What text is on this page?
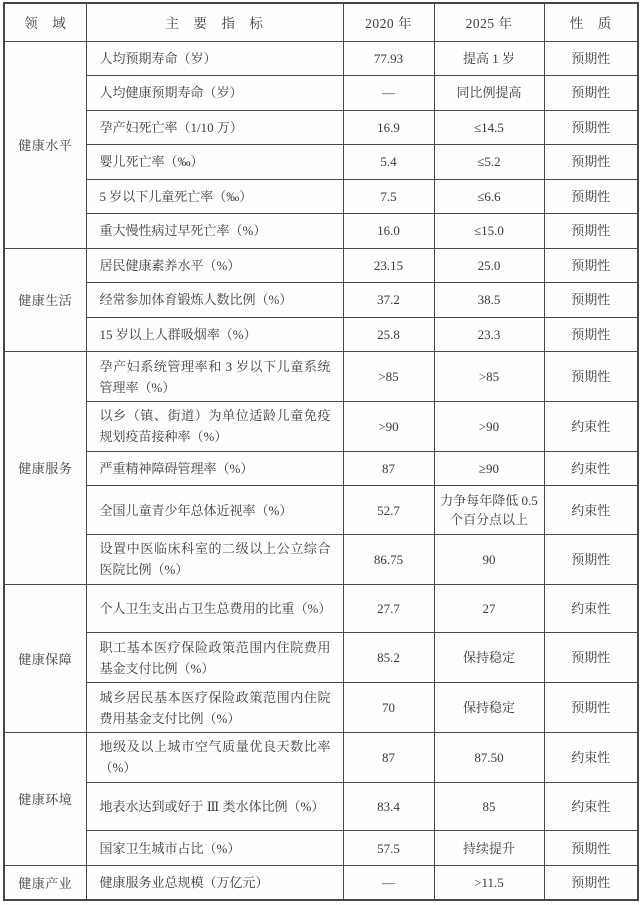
领　域	主　要　指　标	2020 年	2025 年	性　质
健康水平	人均预期寿命（岁）	77.93	提高 1 岁	预期性
	人均健康预期寿命（岁）	—	同比例提高	预期性
	孕产妇死亡率（1/10 万）	16.9	≤14.5	预期性
	婴儿死亡率（‰）	5.4	≤5.2	预期性
	5 岁以下儿童死亡率（‰）	7.5	≤6.6	预期性
	重大慢性病过早死亡率（%）	16.0	≤15.0	预期性
健康生活	居民健康素养水平（%）	23.15	25.0	预期性
	经常参加体育锻炼人数比例（%）	37.2	38.5	预期性
	15 岁以上人群吸烟率（%）	25.8	23.3	预期性
健康服务	孕产妇系统管理率和 3 岁以下儿童系统管理率（%）	>85	>85	预期性
	以乡（镇、街道）为单位适龄儿童免疫规划疫苗接种率（%）	>90	>90	约束性
	严重精神障碍管理率（%）	87	≥90	约束性
	全国儿童青少年总体近视率（%）	52.7	力争每年降低 0.5 个百分点以上	约束性
	设置中医临床科室的二级以上公立综合医院比例（%）	86.75	90	预期性
健康保障	个人卫生支出占卫生总费用的比重（%）	27.7	27	约束性
	职工基本医疗保险政策范围内住院费用基金支付比例（%）	85.2	保持稳定	预期性
	城乡居民基本医疗保险政策范围内住院费用基金支付比例（%）	70	保持稳定	预期性
健康环境	地级及以上城市空气质量优良天数比率（%）	87	87.50	约束性
	地表水达到或好于 Ⅲ 类水体比例（%）	83.4	85	约束性
	国家卫生城市占比（%）	57.5	持续提升	预期性
健康产业	健康服务业总规模（万亿元）	—	>11.5	预期性
